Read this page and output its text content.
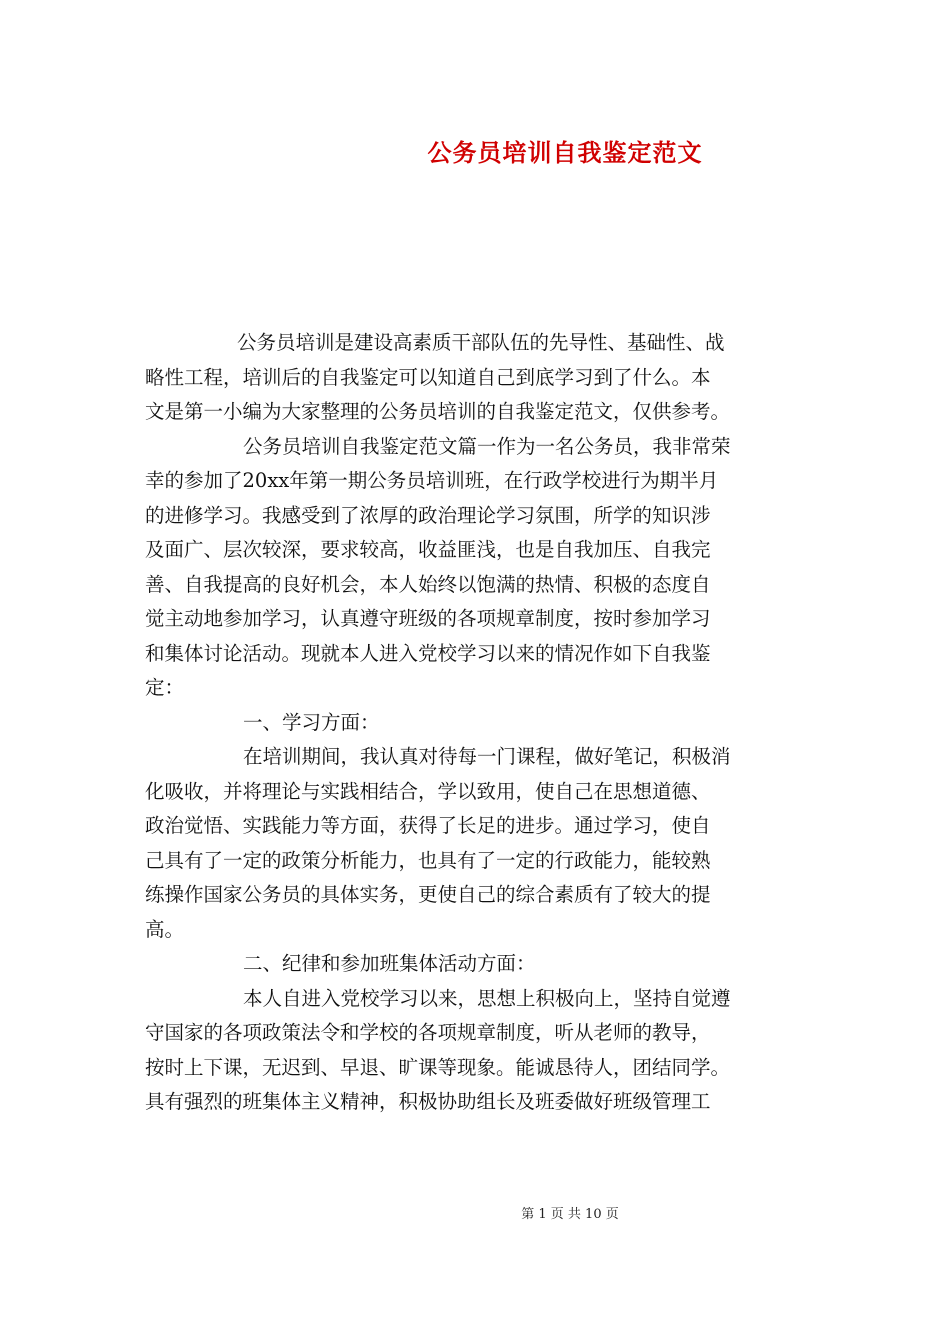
公务员培训自我鉴定范文

公务员培训是建设高素质干部队伍的先导性、基础性、战

略性工程，培训后的自我鉴定可以知道自己到底学习到了什么。本

文是第一小编为大家整理的公务员培训的自我鉴定范文，仅供参考。

公务员培训自我鉴定范文篇一作为一名公务员，我非常荣

幸的参加了20xx年第一期公务员培训班，在行政学校进行为期半月

的进修学习。我感受到了浓厚的政治理论学习氛围，所学的知识涉

及面广、层次较深，要求较高，收益匪浅，也是自我加压、自我完

善、自我提高的良好机会，本人始终以饱满的热情、积极的态度自

觉主动地参加学习，认真遵守班级的各项规章制度，按时参加学习

和集体讨论活动。现就本人进入党校学习以来的情况作如下自我鉴

定：

一、学习方面：

在培训期间，我认真对待每一门课程，做好笔记，积极消

化吸收，并将理论与实践相结合，学以致用，使自己在思想道德、

政治觉悟、实践能力等方面，获得了长足的进步。通过学习，使自

己具有了一定的政策分析能力，也具有了一定的行政能力，能较熟

练操作国家公务员的具体实务，更使自己的综合素质有了较大的提

高。

二、纪律和参加班集体活动方面：

本人自进入党校学习以来，思想上积极向上，坚持自觉遵

守国家的各项政策法令和学校的各项规章制度，听从老师的教导，

按时上下课，无迟到、早退、旷课等现象。能诚恳待人，团结同学。

具有强烈的班集体主义精神，积极协助组长及班委做好班级管理工

第 1 页 共 10 页
